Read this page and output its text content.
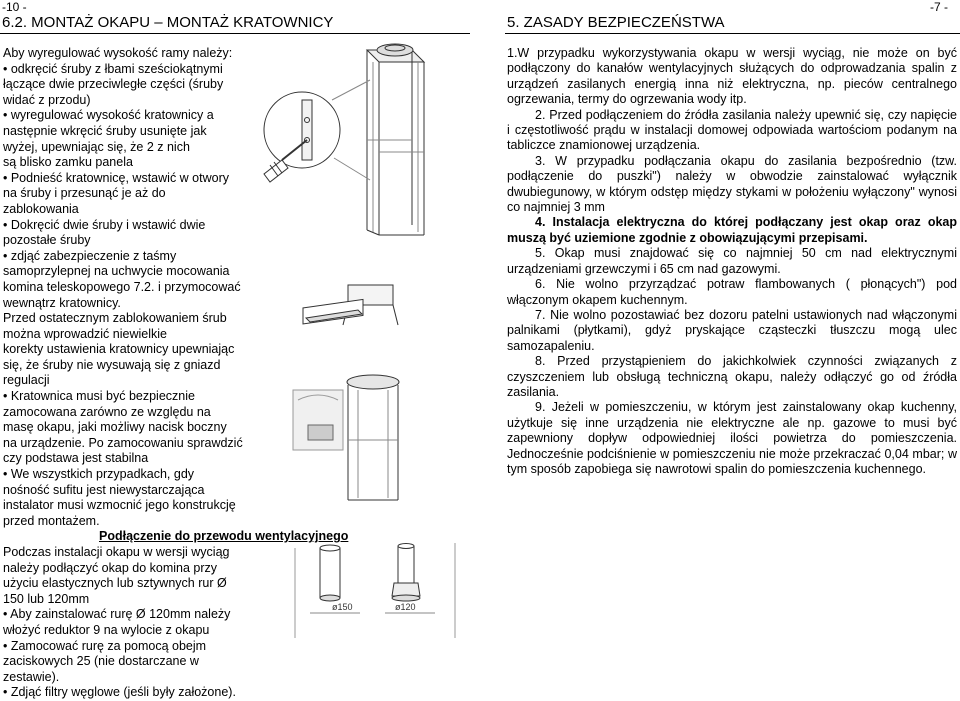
-10 -
6.2. MONTAŻ OKAPU – MONTAŻ KRATOWNICY
Aby wyregulować wysokość ramy należy:
• odkręcić śruby z łbami sześciokątnymi
łączące dwie przeciwległe części (śruby
widać z przodu)
• wyregulować wysokość kratownicy a
następnie wkręcić śruby usunięte jak
wyżej, upewniając się, że 2 z nich
są blisko zamku panela
• Podnieść kratownicę, wstawić w otwory
na śruby i przesunąć je aż do
zablokowania
• Dokręcić dwie śruby i wstawić dwie
pozostałe śruby
• zdjąć zabezpieczenie z taśmy
samoprzylepnej na uchwycie mocowania
komina teleskopowego 7.2. i przymocować
wewnątrz kratownicy.
Przed ostatecznym zablokowaniem śrub
można wprowadzić niewielkie
korekty ustawienia kratownicy upewniając
się, że śruby nie wysuwają się z gniazd
regulacji
• Kratownica musi być bezpiecznie
zamocowana zarówno ze względu na
masę okapu, jaki możliwy nacisk boczny
na urządzenie. Po zamocowaniu sprawdzić
czy podstawa jest stabilna
• We wszystkich przypadkach, gdy
nośność sufitu jest niewystarczająca
instalator musi wzmocnić jego konstrukcję
przed montażem.
Podłączenie do przewodu wentylacyjnego
Podczas instalacji okapu w wersji wyciąg
należy podłączyć okap do komina przy
użyciu elastycznych lub sztywnych rur Ø
150 lub 120mm
• Aby zainstalować rurę Ø 120mm należy
włożyć reduktor 9 na wylocie z okapu
• Zamocować rurę za pomocą obejm
zaciskowych 25 (nie dostarczane w
zestawie).
• Zdjąć filtry węglowe (jeśli były założone).
ø150	ø120
-7 -
5. ZASADY BEZPIECZEŃSTWA

1.W przypadku wykorzystywania okapu w wersji wyciąg, nie może on być podłączony do kanałów wentylacyjnych służących do odprowadzania spalin z urządzeń zasilanych energią inna niż elektryczna, np. pieców centralnego ogrzewania, termy do ogrzewania wody itp.

2. Przed podłączeniem do źródła zasilania należy upewnić się, czy napięcie i częstotliwość prądu w instalacji domowej odpowiada wartościom podanym na tabliczce znamionowej urządzenia.

3. W przypadku podłączania okapu do zasilania bezpośrednio (tzw. podłączenie do puszki") należy w obwodzie zainstalować wyłącznik dwubiegunowy, w którym odstęp między stykami w położeniu wyłączony" wynosi co najmniej 3 mm

4. Instalacja elektryczna do której podłączany jest okap oraz okap muszą być uziemione zgodnie z obowiązującymi przepisami.

5. Okap musi znajdować się co najmniej 50 cm nad elektrycznymi urządzeniami grzewczymi i 65 cm nad gazowymi.

6. Nie wolno przyrządzać potraw flambowanych ( płonących") pod włączonym okapem kuchennym.

7. Nie wolno pozostawiać bez dozoru patelni ustawionych nad włączonymi palnikami (płytkami), gdyż pryskające cząsteczki tłuszczu mogą ulec samozapaleniu.

8. Przed przystąpieniem do jakichkolwiek czynności związanych z czyszczeniem lub obsługą techniczną okapu, należy odłączyć go od źródła zasilania.

9. Jeżeli w pomieszczeniu, w którym jest zainstalowany okap kuchenny, użytkuje się inne urządzenia nie elektryczne ale np. gazowe to musi być zapewniony dopływ odpowiedniej ilości powietrza do pomieszczenia. Jednocześnie podciśnienie w pomieszczeniu nie może przekraczać 0,04 mbar; w tym sposób zapobiega się nawrotowi spalin do pomieszczenia kuchennego.
